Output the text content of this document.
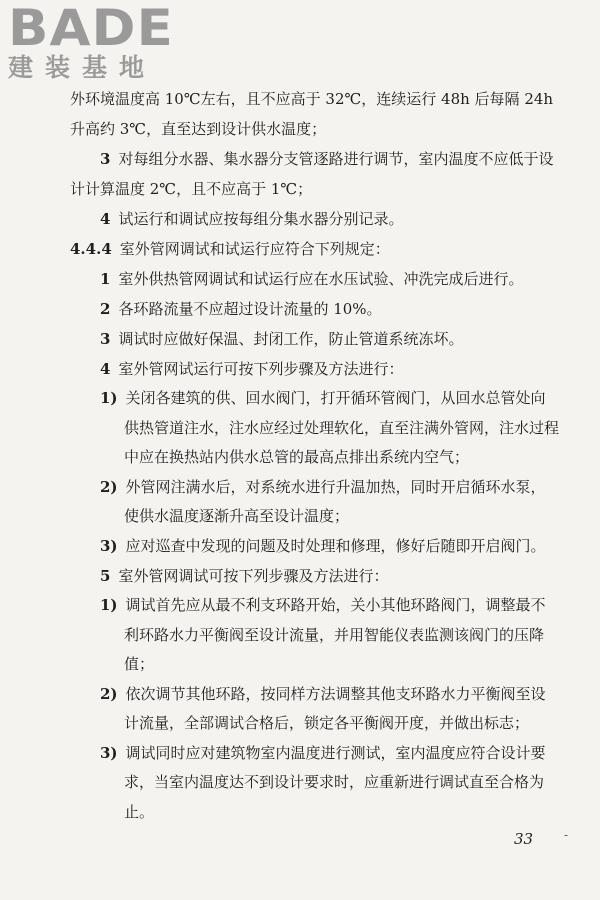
BADE
建装基地
外环境温度高 10℃左右，且不应高于 32℃，连续运行 48h 后每隔 24h 升高约 3℃，直至达到设计供水温度；
3 对每组分水器、集水器分支管逐路进行调节，室内温度不应低于设计计算温度 2℃，且不应高于 1℃；
4 试运行和调试应按每组分集水器分别记录。
4.4.4 室外管网调试和试运行应符合下列规定：
1 室外供热管网调试和试运行应在水压试验、冲洗完成后进行。
2 各环路流量不应超过设计流量的 10%。
3 调试时应做好保温、封闭工作，防止管道系统冻坏。
4 室外管网试运行可按下列步骤及方法进行：
1) 关闭各建筑的供、回水阀门，打开循环管阀门，从回水总管处向供热管道注水，注水应经过处理软化，直至注满外管网，注水过程中应在换热站内供水总管的最高点排出系统内空气；
2) 外管网注满水后，对系统水进行升温加热，同时开启循环水泵，使供水温度逐渐升高至设计温度；
3) 应对巡查中发现的问题及时处理和修理，修好后随即开启阀门。
5 室外管网调试可按下列步骤及方法进行：
1) 调试首先应从最不利支环路开始，关小其他环路阀门，调整最不利环路水力平衡阀至设计流量，并用智能仪表监测该阀门的压降值；
2) 依次调节其他环路，按同样方法调整其他支环路水力平衡阀至设计流量，全部调试合格后，锁定各平衡阀开度，并做出标志；
3) 调试同时应对建筑物室内温度进行测试，室内温度应符合设计要求，当室内温度达不到设计要求时，应重新进行调试直至合格为止。
33	-
